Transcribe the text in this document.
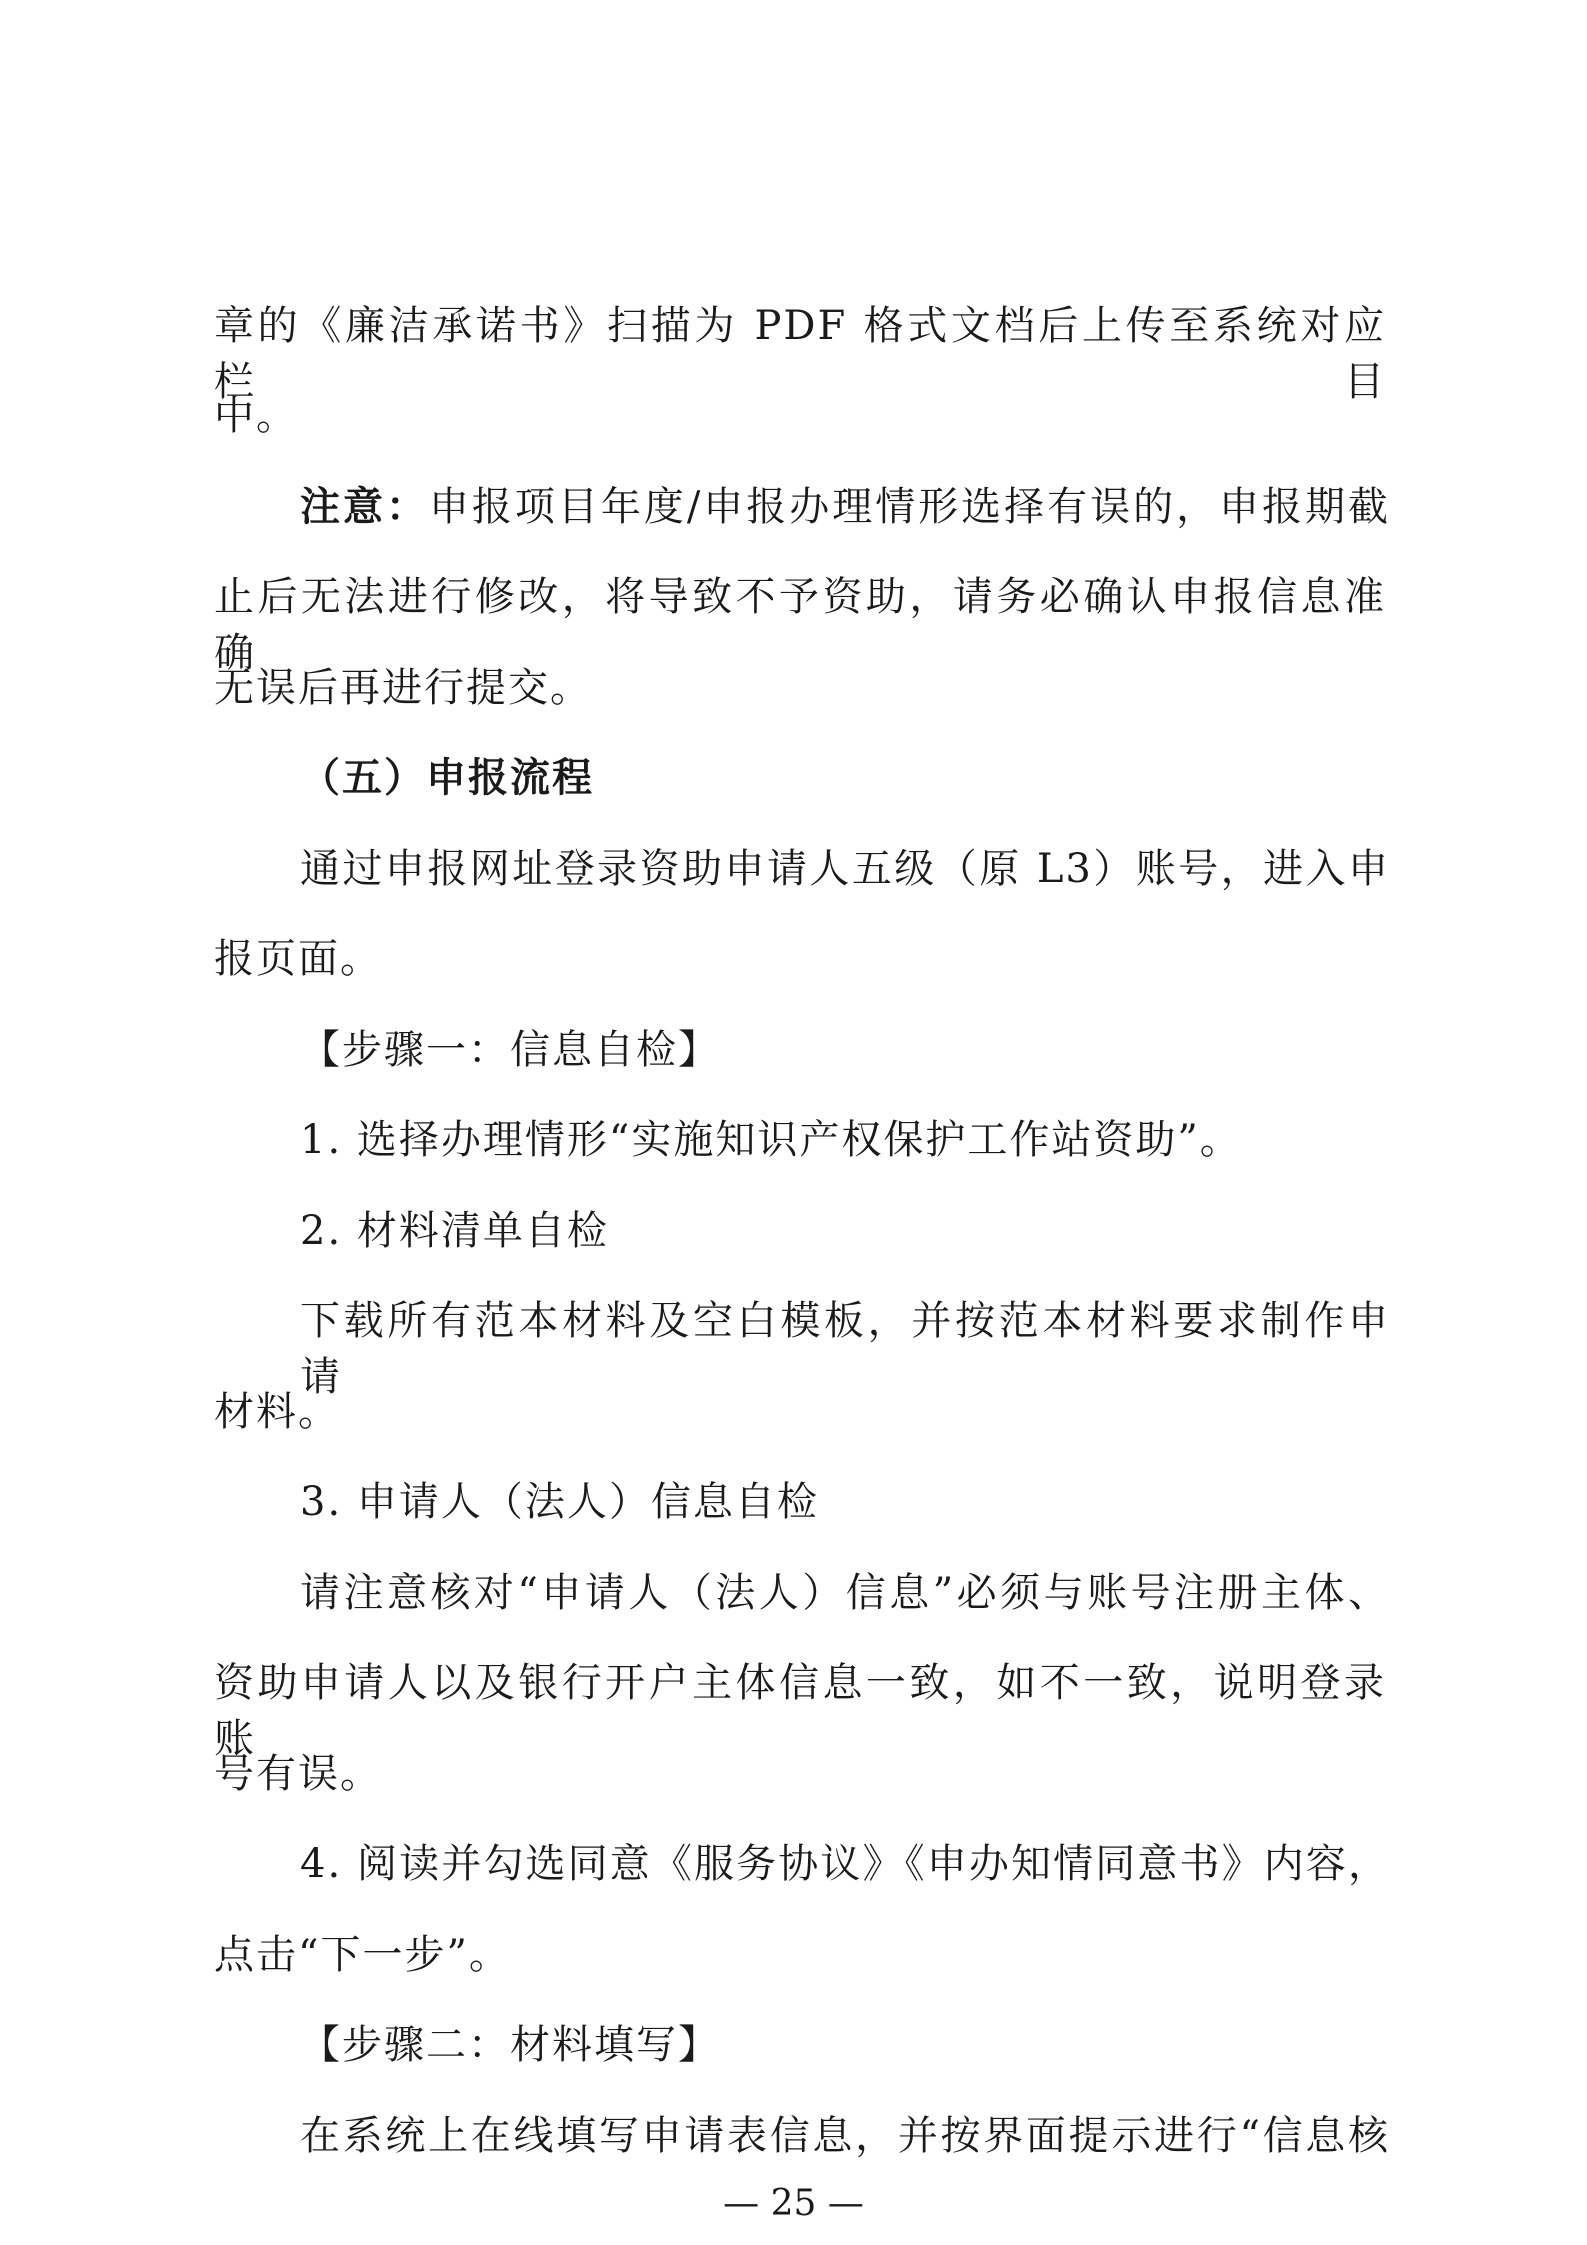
章的《廉洁承诺书》扫描为 PDF 格式文档后上传至系统对应栏目
中。
注意：申报项目年度/申报办理情形选择有误的，申报期截
止后无法进行修改，将导致不予资助，请务必确认申报信息准确
无误后再进行提交。
（五）申报流程
通过申报网址登录资助申请人五级（原 L3）账号，进入申
报页面。
【步骤一：信息自检】
1. 选择办理情形“实施知识产权保护工作站资助”。
2. 材料清单自检
下载所有范本材料及空白模板，并按范本材料要求制作申请
材料。
3. 申请人（法人）信息自检
请注意核对“申请人（法人）信息”必须与账号注册主体、
资助申请人以及银行开户主体信息一致，如不一致，说明登录账
号有误。
4. 阅读并勾选同意《服务协议》《申办知情同意书》内容，
点击“下一步”。
【步骤二：材料填写】
在系统上在线填写申请表信息，并按界面提示进行“信息核
— 25 —
